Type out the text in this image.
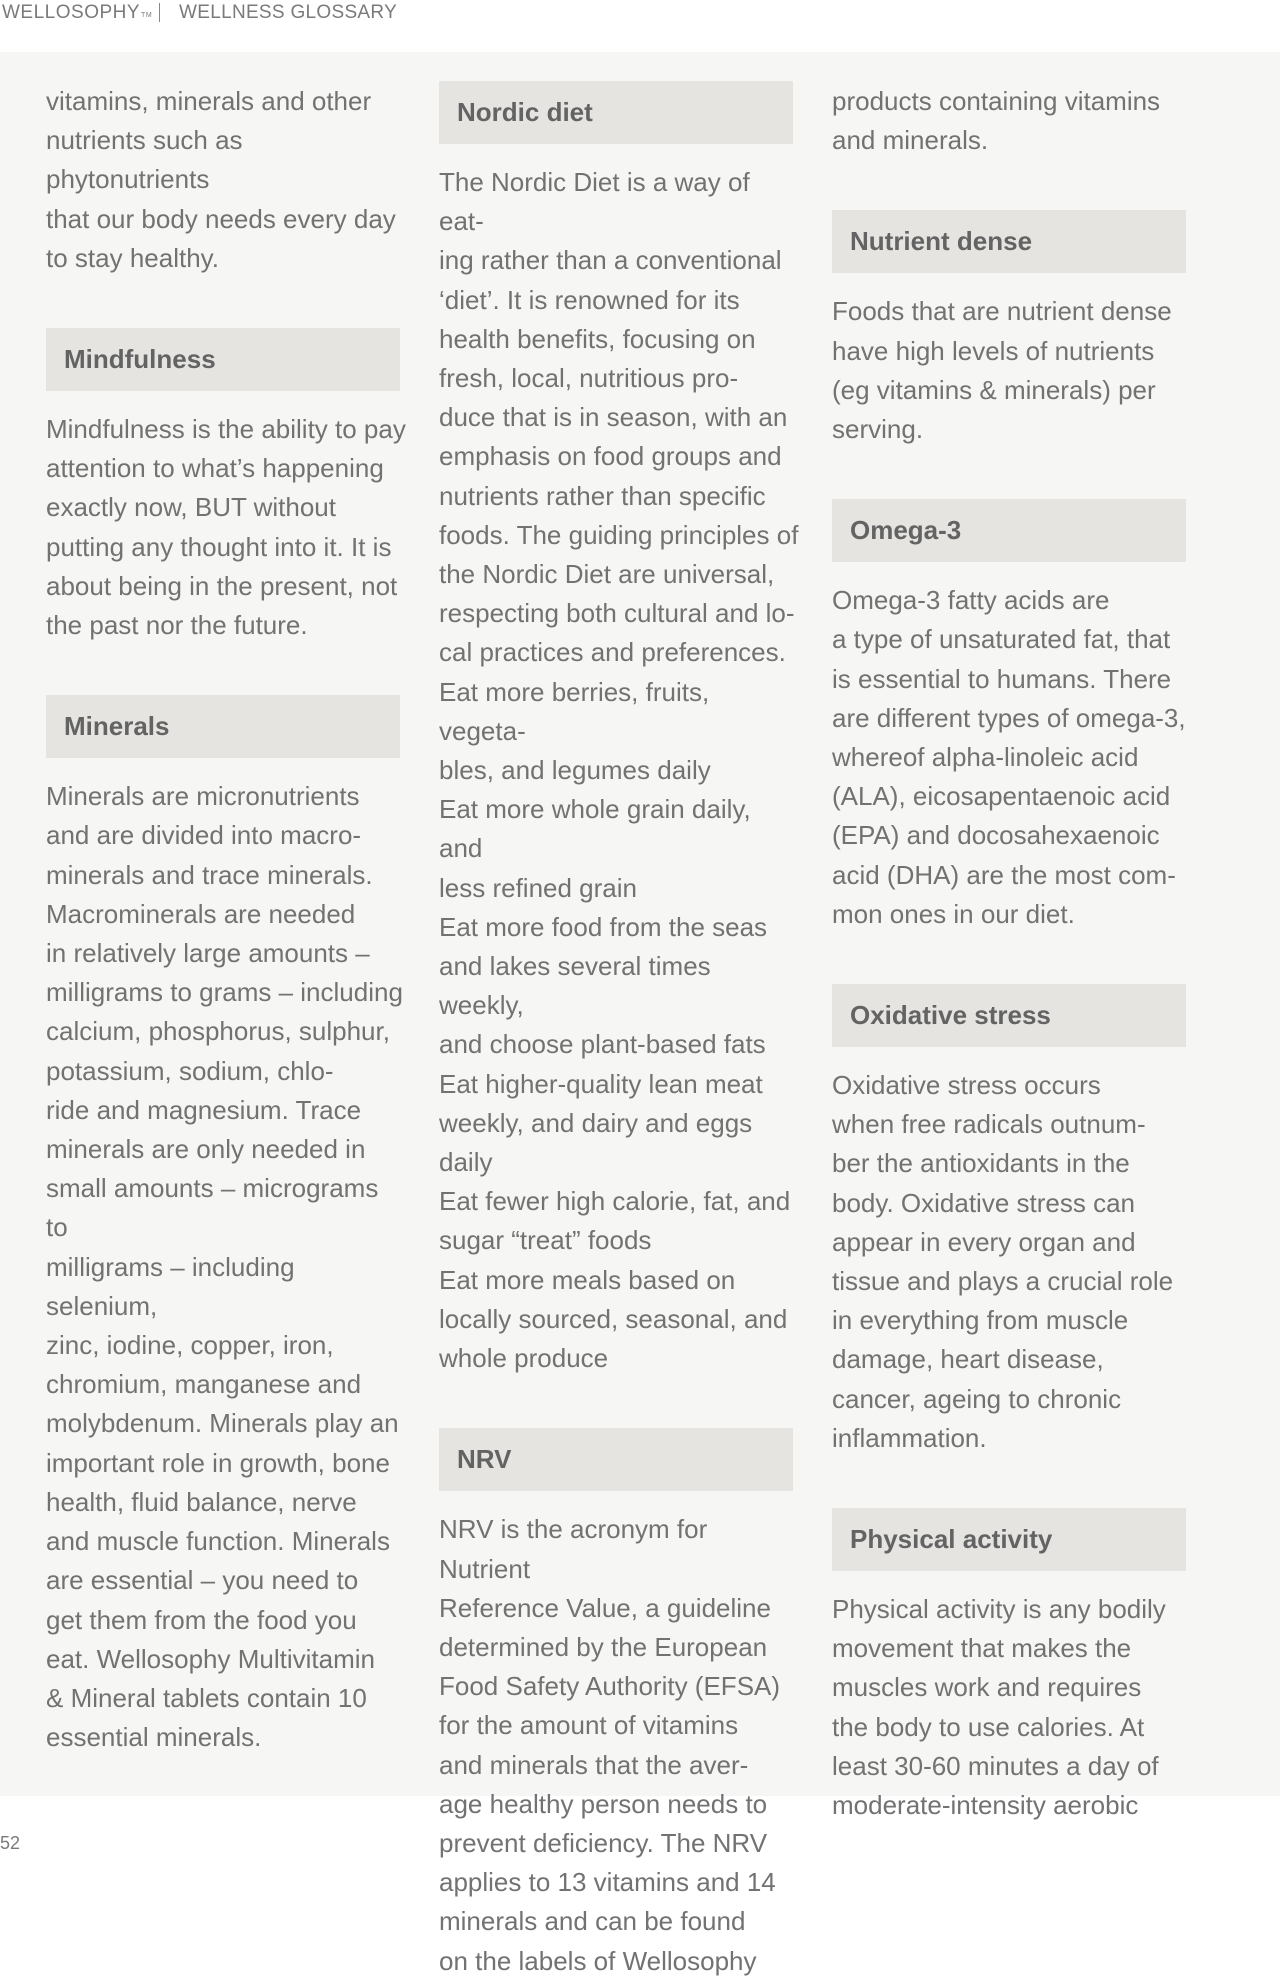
WELLOSOPHYTM WELLNESS GLOSSARY

vitamins, minerals and other
nutrients such as phytonutrients
that our body needs every day
to stay healthy.

Mindfulness

Mindfulness is the ability to pay
attention to what’s happening
exactly now, BUT without
putting any thought into it. It is
about being in the present, not
the past nor the future.

Minerals

Minerals are micronutrients
and are divided into macro-
minerals and trace minerals.
Macrominerals are needed
in relatively large amounts –
milligrams to grams – including
calcium, phosphorus, sulphur,
potassium, sodium, chlo-
ride and magnesium. Trace
minerals are only needed in
small amounts – micrograms to
milligrams – including selenium,
zinc, iodine, copper, iron,
chromium, manganese and
molybdenum. Minerals play an
important role in growth, bone
health, fluid balance, nerve
and muscle function. Minerals
are essential – you need to
get them from the food you
eat. Wellosophy Multivitamin
& Mineral tablets contain 10
essential minerals.

Nordic diet

The Nordic Diet is a way of eat-
ing rather than a conventional
‘diet’. It is renowned for its
health benefits, focusing on
fresh, local, nutritious pro-
duce that is in season, with an
emphasis on food groups and
nutrients rather than specific
foods. The guiding principles of
the Nordic Diet are universal,
respecting both cultural and lo-
cal practices and preferences.
Eat more berries, fruits, vegeta-
bles, and legumes daily
Eat more whole grain daily, and
less refined grain
Eat more food from the seas
and lakes several times weekly,
and choose plant-based fats
Eat higher-quality lean meat
weekly, and dairy and eggs
daily
Eat fewer high calorie, fat, and
sugar “treat” foods
Eat more meals based on
locally sourced, seasonal, and
whole produce

NRV

NRV is the acronym for Nutrient
Reference Value, a guideline
determined by the European
Food Safety Authority (EFSA)
for the amount of vitamins
and minerals that the aver-
age healthy person needs to
prevent deficiency. The NRV
applies to 13 vitamins and 14
minerals and can be found
on the labels of Wellosophy

products containing vitamins
and minerals.

Nutrient dense

Foods that are nutrient dense
have high levels of nutrients
(eg vitamins & minerals) per
serving.

Omega-3

Omega-3 fatty acids are
a type of unsaturated fat, that
is essential to humans. There
are different types of omega-3,
whereof alpha-linoleic acid
(ALA), eicosapentaenoic acid
(EPA) and docosahexaenoic
acid (DHA) are the most com-
mon ones in our diet.

Oxidative stress

Oxidative stress occurs
when free radicals outnum-
ber the antioxidants in the
body. Oxidative stress can
appear in every organ and
tissue and plays a crucial role
in everything from muscle
damage, heart disease,
cancer, ageing to chronic
inflammation.

Physical activity

Physical activity is any bodily
movement that makes the
muscles work and requires
the body to use calories. At
least 30-60 minutes a day of
moderate-intensity aerobic

52
